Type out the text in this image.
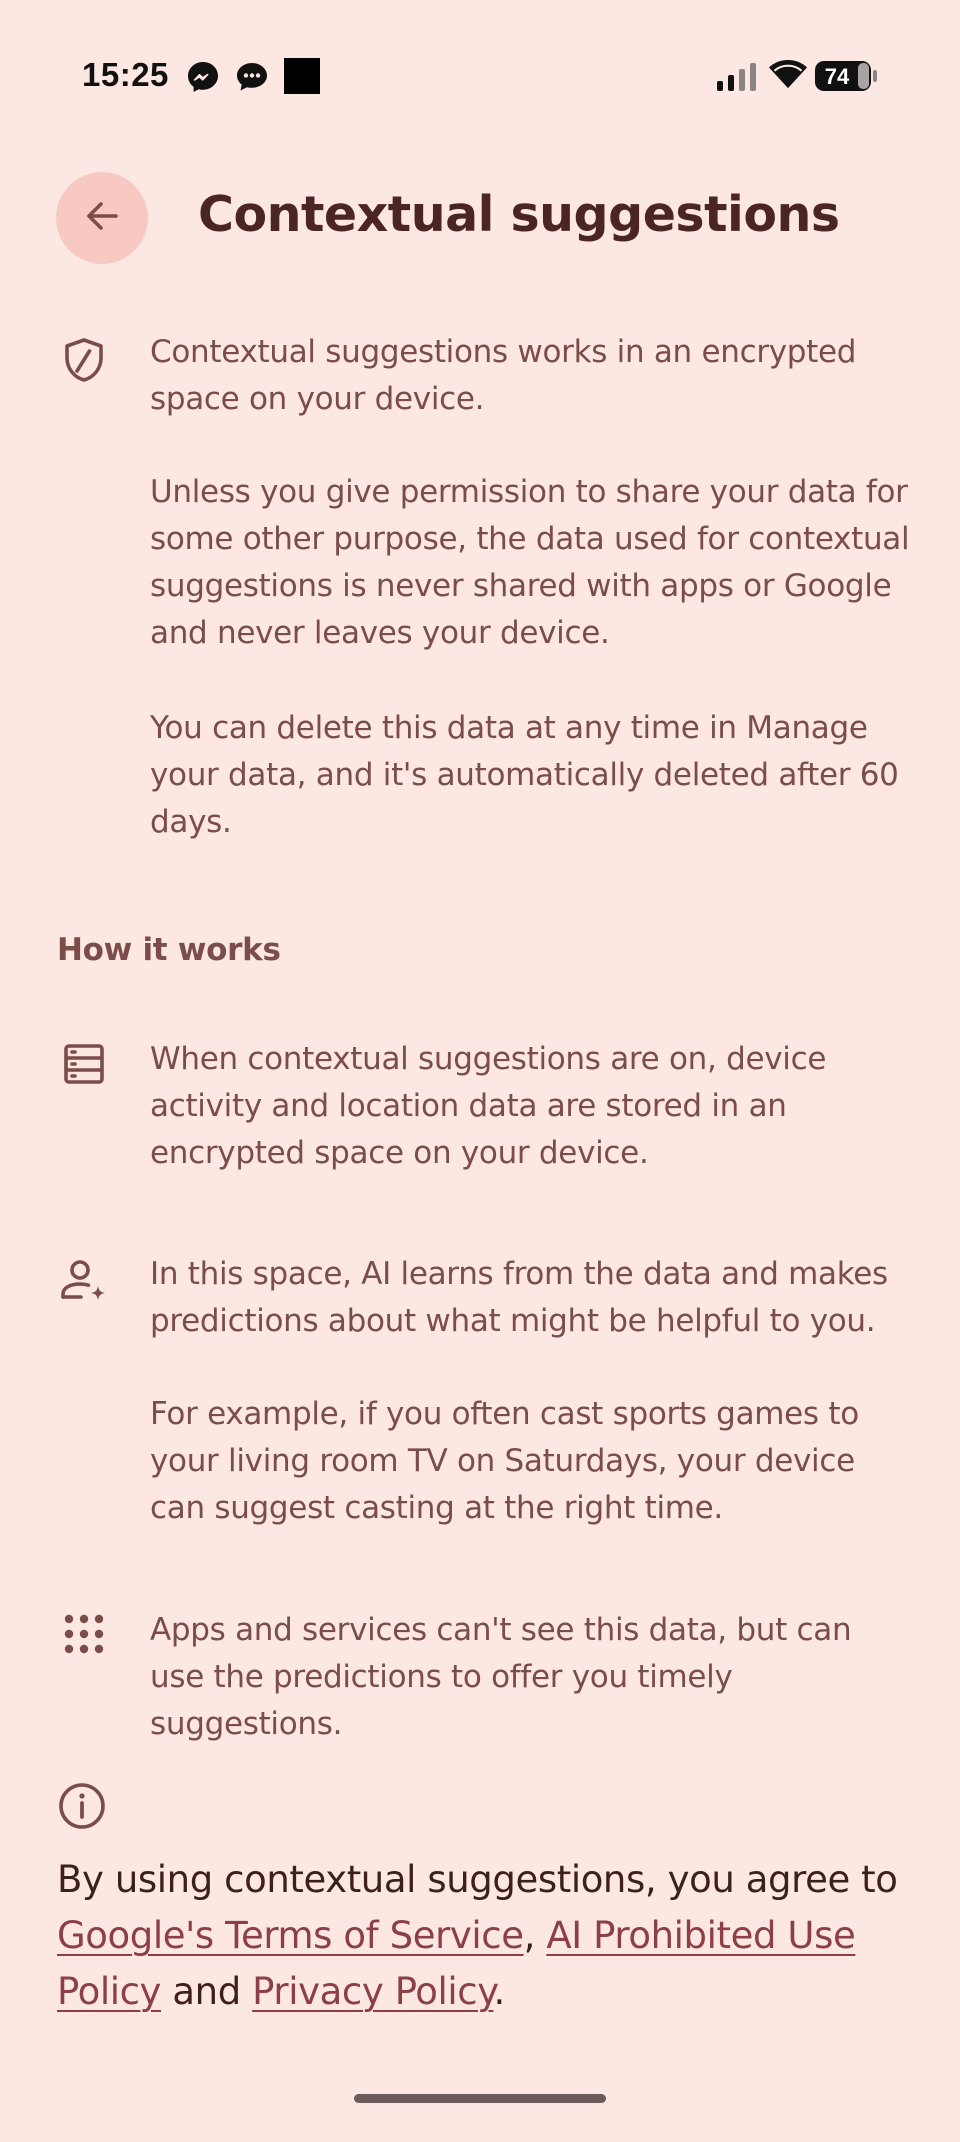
15:25	74
Contextual suggestions

Contextual suggestions works in an encrypted space on your device.

Unless you give permission to share your data for some other purpose, the data used for contextual suggestions is never shared with apps or Google and never leaves your device.

You can delete this data at any time in Manage your data, and it's automatically deleted after 60 days.

How it works

When contextual suggestions are on, device activity and location data are stored in an encrypted space on your device.

In this space, AI learns from the data and makes predictions about what might be helpful to you.

For example, if you often cast sports games to your living room TV on Saturdays, your device can suggest casting at the right time.

Apps and services can't see this data, but can use the predictions to offer you timely suggestions.

By using contextual suggestions, you agree to Google's Terms of Service, AI Prohibited Use Policy and Privacy Policy.
